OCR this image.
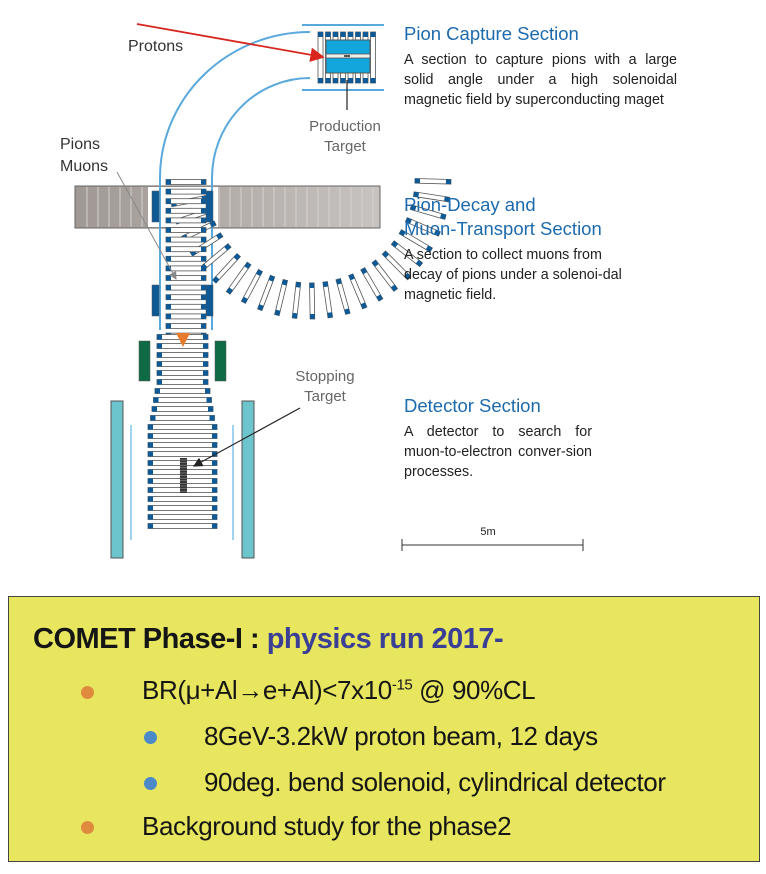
Protons
Production
Target
Pions
Muons
Stopping
Target
5m
Pion Capture Section

A section to capture pions with a large solid angle under a high solenoidal magnetic field by superconducting maget

Pion-Decay and
Muon-Transport Section

A section to collect muons from decay of pions under a solenoi-dal magnetic field.

Detector Section

A detector to search for muon-to-electron conver-sion processes.

COMET Phase-I : physics run 2017-
$BR(\mu+Al\to e+Al)<7x10^{-15}$ @ 90%CL
8GeV-3.2kW proton beam, 12 days
90deg. bend solenoid, cylindrical detector
Background study for the phase2
